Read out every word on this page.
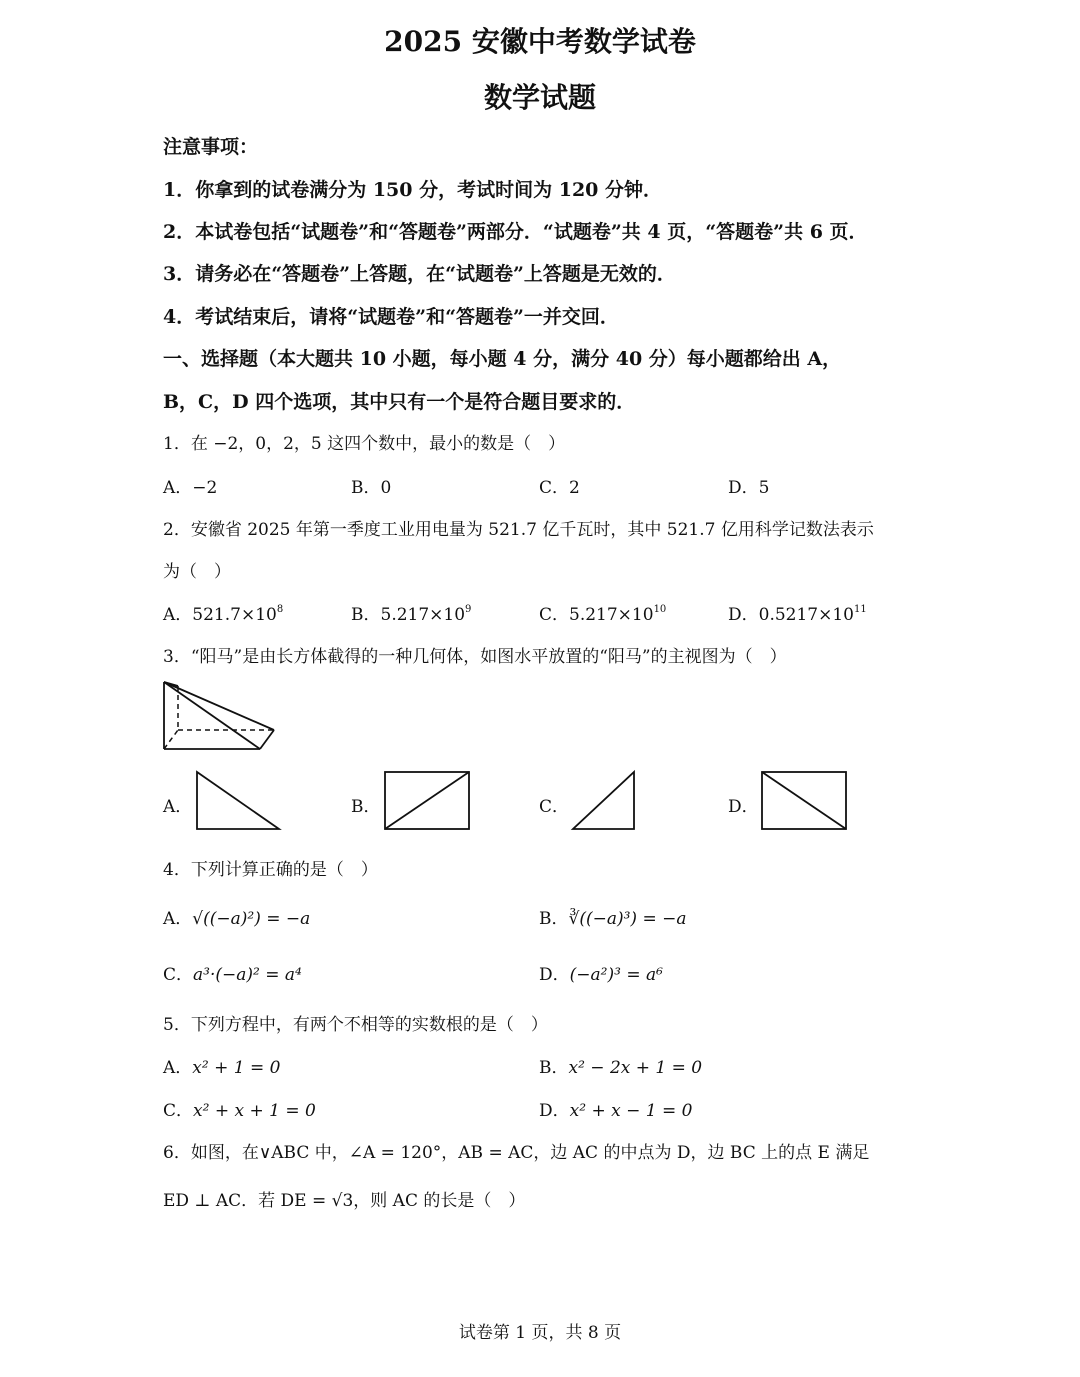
2025 安徽中考数学试卷
数学试题
注意事项：
1．你拿到的试卷满分为 150 分，考试时间为 120 分钟．
2．本试卷包括“试题卷”和“答题卷”两部分．“试题卷”共 4 页，“答题卷”共 6 页．
3．请务必在“答题卷”上答题，在“试题卷”上答题是无效的．
4．考试结束后，请将“试题卷”和“答题卷”一并交回．
一、选择题（本大题共 10 小题，每小题 4 分，满分 40 分）每小题都给出 A，
B，C，D 四个选项，其中只有一个是符合题目要求的．
1．在 −2，0，2，5 这四个数中，最小的数是（　）
A．−2	B．0	C．2	D．5
2．安徽省 2025 年第一季度工业用电量为 521.7 亿千瓦时，其中 521.7 亿用科学记数法表示
为（　）
A．$521.7\times 10^8$	B．$5.217\times 10^9$	C．$5.217\times 10^{10}$	D．$0.5217\times 10^{11}$
3．“阳马”是由长方体截得的一种几何体，如图水平放置的“阳马”的主视图为（　）
A．	B．	C．	D．
4．下列计算正确的是（　）
A．√((−a)²) = −a	B．∛((−a)³) = −a
C．a³·(−a)² = a⁴	D．(−a²)³ = a⁶
5．下列方程中，有两个不相等的实数根的是（　）
A．x² + 1 = 0	B．x² − 2x + 1 = 0
C．x² + x + 1 = 0	D．x² + x − 1 = 0
6．如图，在∨ABC 中，∠A = 120°，AB = AC，边 AC 的中点为 D，边 BC 上的点 E 满足
ED ⊥ AC．若 DE = √3，则 AC 的长是（　）
试卷第 1 页，共 8 页
